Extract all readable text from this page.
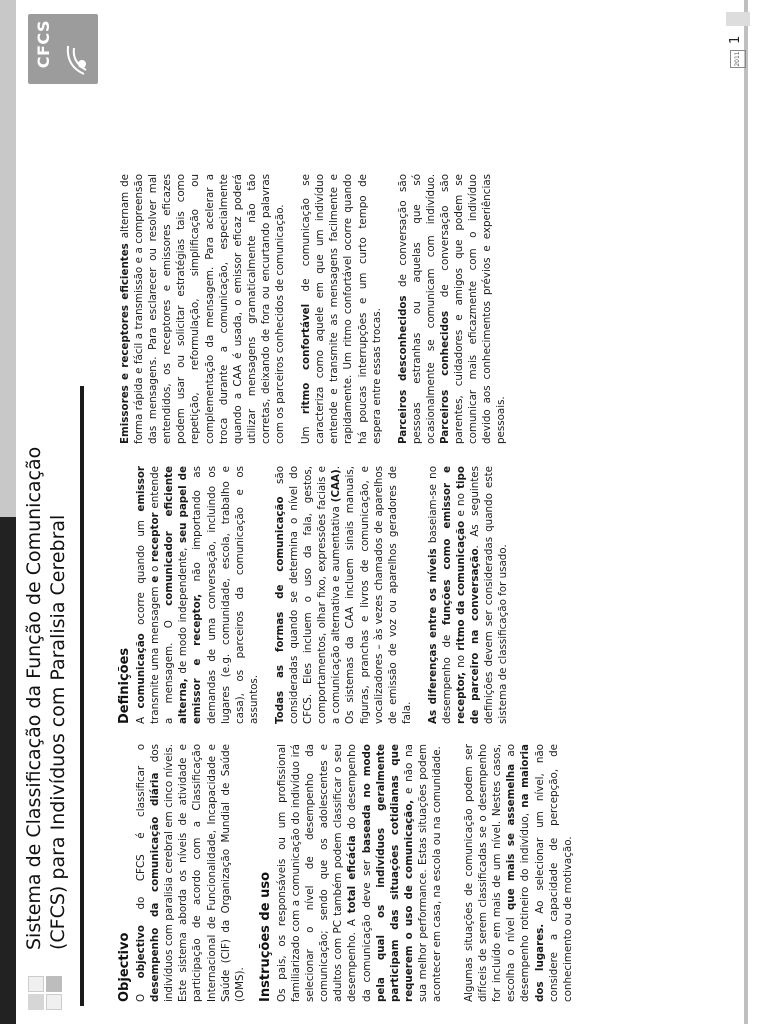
Sistema de Classificação da Função de Comunicação (CFCS) para Indivíduos com Paralisia Cerebral
CFCS
Objectivo O objectivo do CFCS é classificar o desempenho da comunicação diária dos indivíduos com paralisia cerebral em cinco níveis. Este sistema aborda os níveis de atividade e participação de acordo com a Classificação Internacional de Funcionalidade, Incapacidade e Saúde (CIF) da Organização Mundial de Saúde (OMS). Instruções de uso Os pais, os responsáveis ou um profissional familiarizado com a comunicação do indivíduo irá selecionar o nível de desempenho da comunicação; sendo que os adolescentes e adultos com PC também podem classificar o seu desempenho. A total eficácia do desempenho da comunicação deve ser baseada no modo pela qual os indivíduos geralmente participam das situações cotidianas que requerem o uso de comunicação, e não na sua melhor performance. Estas situações podem acontecer em casa, na escola ou na comunidade. Algumas situações de comunicação podem ser difíceis de serem classificadas se o desempenho for incluído em mais de um nível. Nestes casos, escolha o nível que mais se assemelha ao desempenho rotineiro do indivíduo, na maioria dos lugares. Ao selecionar um nível, não considere a capacidade de percepção, de conhecimento ou de motivação.

Definições A comunicação ocorre quando um emissor transmite uma mensagem e o receptor entende a mensagem. O comunicador eficiente alterna, de modo independente, seu papel de emissor e receptor, não importando as demandas de uma conversação, incluindo os lugares (e.g. comunidade, escola, trabalho e casa), os parceiros da comunicação e os assuntos. Todas as formas de comunicação são consideradas quando se determina o nível do CFCS. Eles incluem o uso da fala, gestos, comportamentos, olhar fixo, expressões faciais e a comunicação alternativa e aumentativa (CAA). Os sistemas da CAA incluem sinais manuais, figuras, pranchas e livros de comunicação, e vocalizadores – às vezes chamados de aparelhos de emissão de voz ou aparelhos geradores de fala. As diferenças entre os níveis baseiam-se no desempenho de funções como emissor e receptor, no ritmo da comunicação e no tipo de parceiro na conversação. As seguintes definições devem ser consideradas quando este sistema de classificação for usado.

Emissores e receptores eficientes alternam de forma rápida e fácil a transmissão e a compreensão das mensagens. Para esclarecer ou resolver mal entendidos, os receptores e emissores eficazes podem usar ou solicitar estratégias tais como repetição, reformulação, simplificação ou complementação da mensagem. Para acelerar a troca durante a comunicação, especialmente quando a CAA é usada, o emissor eficaz poderá utilizar mensagens gramaticalmente não tão corretas, deixando de fora ou encurtando palavras com os parceiros conhecidos de comunicação. Um ritmo confortável de comunicação se caracteriza como aquele em que um indivíduo entende e transmite as mensagens facilmente e rapidamente. Um ritmo confortável ocorre quando há poucas interrupções e um curto tempo de espera entre essas trocas. Parceiros desconhecidos de conversação são pessoas estranhas ou aquelas que só ocasionalmente se comunicam com indivíduo. Parceiros conhecidos de conversação são parentes, cuidadores e amigos que podem se comunicar mais eficazmente com o indivíduo devido aos conhecimentos prévios e experiências pessoais.

2011
1
